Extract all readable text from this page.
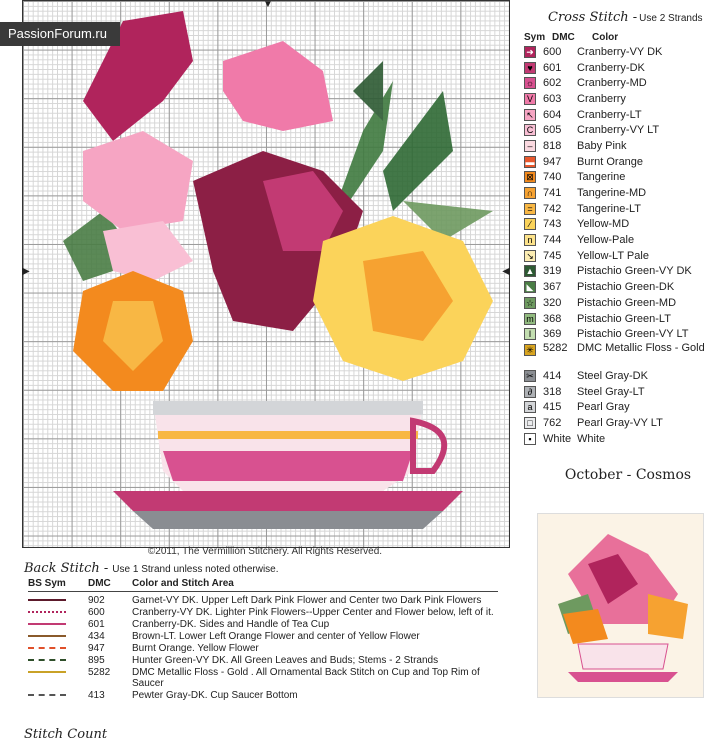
▼
▶	◀
PassionForum.ru
©2011, The Vermillion Stitchery. All Rights Reserved.
Back Stitch - Use 1 Strand unless noted otherwise.
BS Sym	DMC	Color and Stitch Area
902	Garnet-VY DK. Upper Left Dark Pink Flower and Center two Dark Pink Flowers
600	Cranberry-VY DK. Lighter Pink Flowers--Upper Center and Flower below, left of it.
601	Cranberry-DK. Sides and Handle of Tea Cup
434	Brown-LT. Lower Left Orange Flower and center of Yellow Flower
947	Burnt Orange. Yellow Flower
895	Hunter Green-VY DK. All Green Leaves and Buds; Stems - 2 Strands
5282	DMC Metallic Floss - Gold . All Ornamental Back Stitch on Cup and Top Rim of Saucer
413	Pewter Gray-DK. Cup Saucer Bottom
Stitch Count
Cross Stitch - Use 2 Strands
Sym DMC	Color
➜ 600	Cranberry-VY DK
♥ 601	Cranberry-DK
☼ 602	Cranberry-MD
V 603	Cranberry
↖ 604	Cranberry-LT
C 605	Cranberry-VY LT
– 818	Baby Pink
▬ 947	Burnt Orange
⊠ 740	Tangerine
∩ 741	Tangerine-MD
= 742	Tangerine-LT
∕	743	Yellow-MD
n 744	Yellow-Pale
↘ 745	Yellow-LT Pale
▲ 319	Pistachio Green-VY DK
◣ 367	Pistachio Green-DK
☆ 320	Pistachio Green-MD
m 368	Pistachio Green-LT
I	369	Pistachio Green-VY LT
✳ 5282 DMC Metallic Floss - Gold
✂ 414	Steel Gray-DK
∂ 318	Steel Gray-LT
a 415	Pearl Gray
□ 762	Pearl Gray-VY LT
▪	White White
October - Cosmos
